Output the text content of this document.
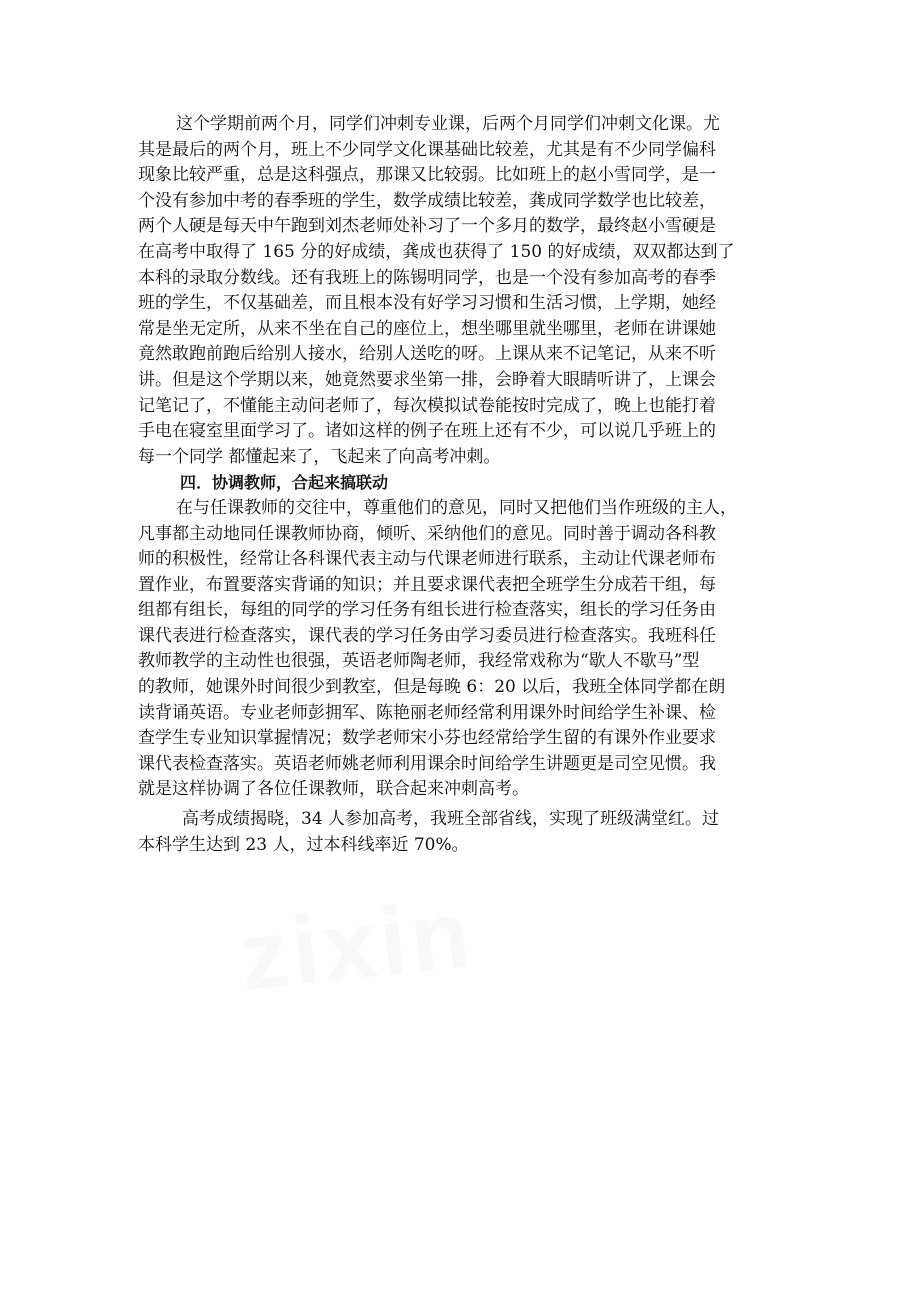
这个学期前两个月，同学们冲刺专业课，后两个月同学们冲刺文化课。尤
其是最后的两个月，班上不少同学文化课基础比较差，尤其是有不少同学偏科
现象比较严重，总是这科强点，那课又比较弱。比如班上的赵小雪同学，是一
个没有参加中考的春季班的学生，数学成绩比较差，龚成同学数学也比较差，
两个人硬是每天中午跑到刘杰老师处补习了一个多月的数学，最终赵小雪硬是
在高考中取得了 165 分的好成绩，龚成也获得了 150 的好成绩，双双都达到了
本科的录取分数线。还有我班上的陈锡明同学，也是一个没有参加高考的春季
班的学生，不仅基础差，而且根本没有好学习习惯和生活习惯，上学期，她经
常是坐无定所，从来不坐在自己的座位上，想坐哪里就坐哪里，老师在讲课她
竟然敢跑前跑后给别人接水，给别人送吃的呀。上课从来不记笔记，从来不听
讲。但是这个学期以来，她竟然要求坐第一排，会睁着大眼睛听讲了，上课会
记笔记了，不懂能主动问老师了，每次模拟试卷能按时完成了，晚上也能打着
手电在寝室里面学习了。诸如这样的例子在班上还有不少，可以说几乎班上的
每一个同学 都懂起来了，飞起来了向高考冲刺。
四．协调教师，合起来搞联动
在与任课教师的交往中，尊重他们的意见，同时又把他们当作班级的主人，
凡事都主动地同任课教师协商，倾听、采纳他们的意见。同时善于调动各科教
师的积极性，经常让各科课代表主动与代课老师进行联系，主动让代课老师布
置作业，布置要落实背诵的知识；并且要求课代表把全班学生分成若干组，每
组都有组长，每组的同学的学习任务有组长进行检查落实，组长的学习任务由
课代表进行检查落实，课代表的学习任务由学习委员进行检查落实。我班科任
教师教学的主动性也很强，英语老师陶老师，我经常戏称为“歇人不歇马”型
的教师，她课外时间很少到教室，但是每晚 6：20 以后，我班全体同学都在朗
读背诵英语。专业老师彭拥军、陈艳丽老师经常利用课外时间给学生补课、检
查学生专业知识掌握情况；数学老师宋小芬也经常给学生留的有课外作业要求
课代表检查落实。英语老师姚老师利用课余时间给学生讲题更是司空见惯。我
就是这样协调了各位任课教师，联合起来冲刺高考。
高考成绩揭晓，34 人参加高考，我班全部省线，实现了班级满堂红。过
本科学生达到 23 人，过本科线率近 70%。
